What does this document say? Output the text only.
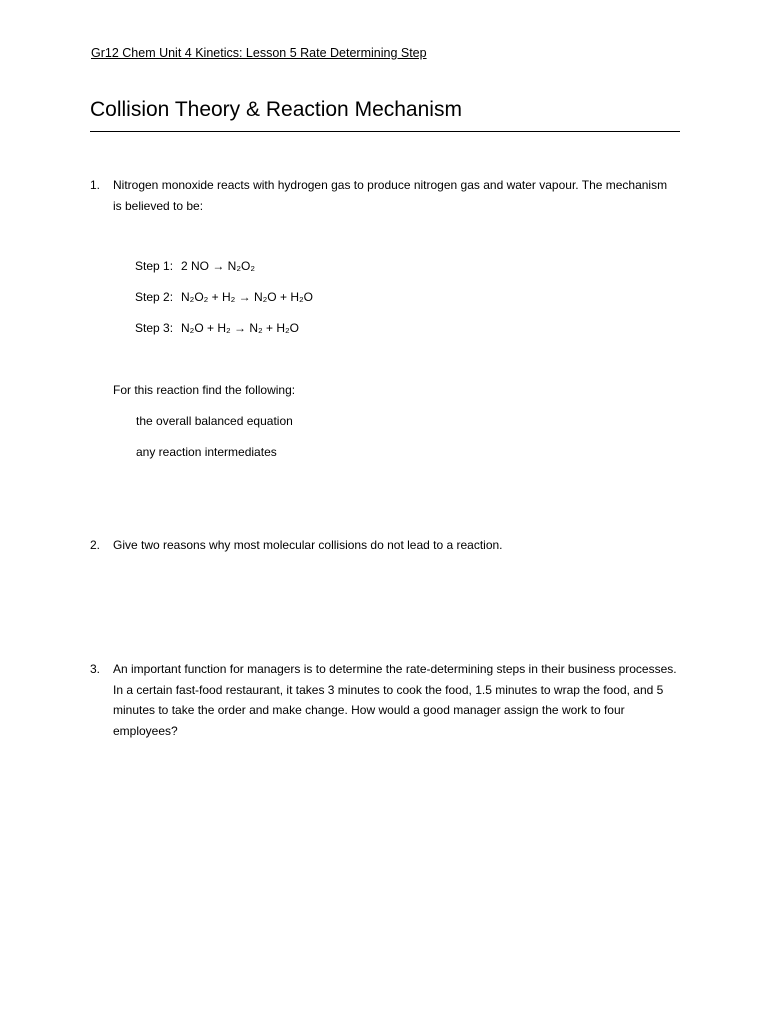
Gr12 Chem Unit 4 Kinetics: Lesson 5 Rate Determining Step
Collision Theory & Reaction Mechanism
1. Nitrogen monoxide reacts with hydrogen gas to produce nitrogen gas and water vapour. The mechanism is believed to be:
Step 1: 2 NO → N₂O₂
Step 2: N₂O₂ + H₂ → N₂O + H₂O
Step 3: N₂O + H₂ → N₂ + H₂O
For this reaction find the following:
the overall balanced equation
any reaction intermediates
2. Give two reasons why most molecular collisions do not lead to a reaction.
3. An important function for managers is to determine the rate-determining steps in their business processes. In a certain fast-food restaurant, it takes 3 minutes to cook the food, 1.5 minutes to wrap the food, and 5 minutes to take the order and make change. How would a good manager assign the work to four employees?
